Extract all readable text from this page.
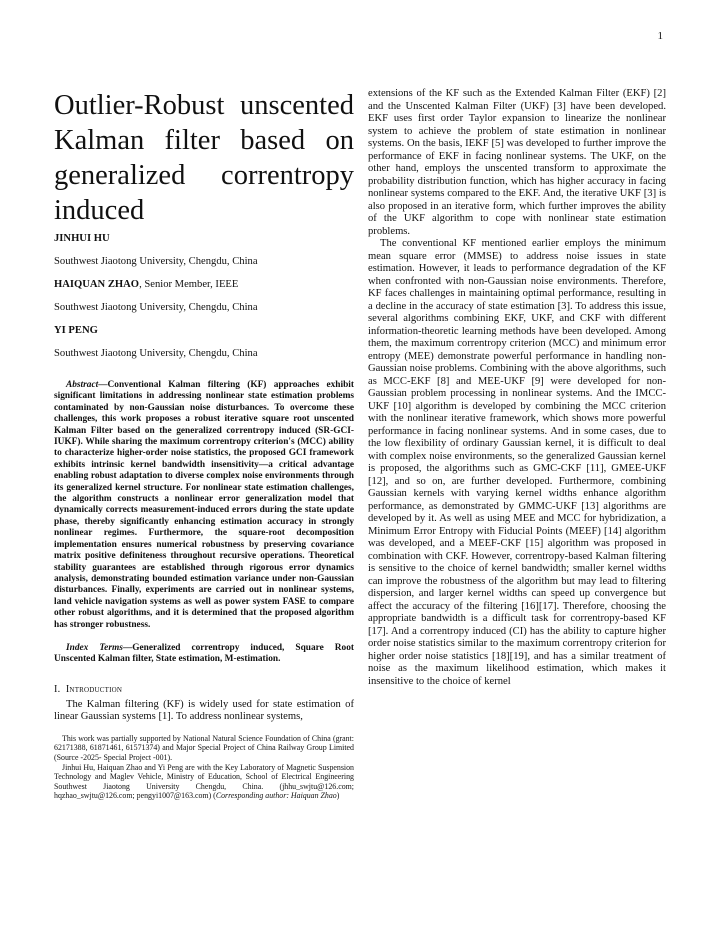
1
Outlier-Robust unscented Kalman filter based on generalized correntropy induced

JINHUI HU

Southwest Jiaotong University, Chengdu, China

HAIQUAN ZHAO, Senior Member, IEEE

Southwest Jiaotong University, Chengdu, China

YI PENG

Southwest Jiaotong University, Chengdu, China

Abstract—Conventional Kalman filtering (KF) approaches exhibit significant limitations in addressing nonlinear state estimation problems contaminated by non-Gaussian noise disturbances. To overcome these challenges, this work proposes a robust iterative square root unscented Kalman Filter based on the generalized correntropy induced (SR-GCI-IUKF). While sharing the maximum correntropy criterion's (MCC) ability to characterize higher-order noise statistics, the proposed GCI framework exhibits intrinsic kernel bandwidth insensitivity—a critical advantage enabling robust adaptation to diverse complex noise environments through its generalized kernel structure. For nonlinear state estimation challenges, the algorithm constructs a nonlinear error generalization model that dynamically corrects measurement-induced errors during the state update phase, thereby significantly enhancing estimation accuracy in strongly nonlinear regimes. Furthermore, the square-root decomposition implementation ensures numerical robustness by preserving covariance matrix positive definiteness throughout recursive operations. Theoretical stability guarantees are established through rigorous error dynamics analysis, demonstrating bounded estimation variance under non-Gaussian disturbances. Finally, experiments are carried out in nonlinear systems, land vehicle navigation systems as well as power system FASE to compare other robust algorithms, and it is determined that the proposed algorithm has stronger robustness.

Index Terms—Generalized correntropy induced, Square Root Unscented Kalman filter, State estimation, M-estimation.

I. Introduction

The Kalman filtering (KF) is widely used for state estimation of linear Gaussian systems [1]. To address nonlinear systems,

This work was partially supported by National Natural Science Foundation of China (grant: 62171388, 61871461, 61571374) and Major Special Project of China Railway Group Limited (Source -2025- Special Project -001).

Jinhui Hu, Haiquan Zhao and Yi Peng are with the Key Laboratory of Magnetic Suspension Technology and Maglev Vehicle, Ministry of Education, School of Electrical Engineering Southwest Jiaotong University Chengdu, China. (jhhu_swjtu@126.com; hqzhao_swjtu@126.com; pengyi1007@163.com) (Corresponding author: Haiquan Zhao)

extensions of the KF such as the Extended Kalman Filter (EKF) [2] and the Unscented Kalman Filter (UKF) [3] have been developed. EKF uses first order Taylor expansion to linearize the nonlinear system to achieve the problem of state estimation in nonlinear systems. On the basis, IEKF [5] was developed to further improve the performance of EKF in facing nonlinear systems. The UKF, on the other hand, employs the unscented transform to approximate the probability distribution function, which has higher accuracy in facing nonlinear systems compared to the EKF. And, the iterative UKF [3] is also proposed in an iterative form, which further improves the ability of the UKF algorithm to cope with nonlinear state estimation problems.

The conventional KF mentioned earlier employs the minimum mean square error (MMSE) to address noise issues in state estimation. However, it leads to performance degradation of the KF when confronted with non-Gaussian noise environments. Therefore, KF faces challenges in maintaining optimal performance, resulting in a decline in the accuracy of state estimation [3]. To address this issue, several algorithms combining EKF, UKF, and CKF with different information-theoretic learning methods have been developed. Among them, the maximum correntropy criterion (MCC) and minimum error entropy (MEE) demonstrate powerful performance in handling non-Gaussian noise problems. Combining with the above algorithms, such as MCC-EKF [8] and MEE-UKF [9] were developed for non-Gaussian problem processing in nonlinear systems. And the IMCC-UKF [10] algorithm is developed by combining the MCC criterion with the nonlinear iterative framework, which shows more powerful performance in facing nonlinear systems. And in some cases, due to the low flexibility of ordinary Gaussian kernel, it is difficult to deal with complex noise environments, so the generalized Gaussian kernel is proposed, the algorithms such as GMC-CKF [11], GMEE-UKF [12], and so on, are further developed. Furthermore, combining Gaussian kernels with varying kernel widths enhance algorithm performance, as demonstrated by GMMC-UKF [13] algorithms are developed by it. As well as using MEE and MCC for hybridization, a Minimum Error Entropy with Fiducial Points (MEEF) [14] algorithm was developed, and a MEEF-CKF [15] algorithm was proposed in combination with CKF. However, correntropy-based Kalman filtering is sensitive to the choice of kernel bandwidth; smaller kernel widths can improve the robustness of the algorithm but may lead to filtering dispersion, and larger kernel widths can speed up convergence but affect the accuracy of the filtering [16][17]. Therefore, choosing the appropriate bandwidth is a difficult task for correntropy-based KF [17]. And a correntropy induced (CI) has the ability to capture higher order noise statistics similar to the maximum correntropy criterion for higher order noise statistics [18][19], and has a similar treatment of noise as the maximum likelihood estimation, which makes it insensitive to the choice of kernel
